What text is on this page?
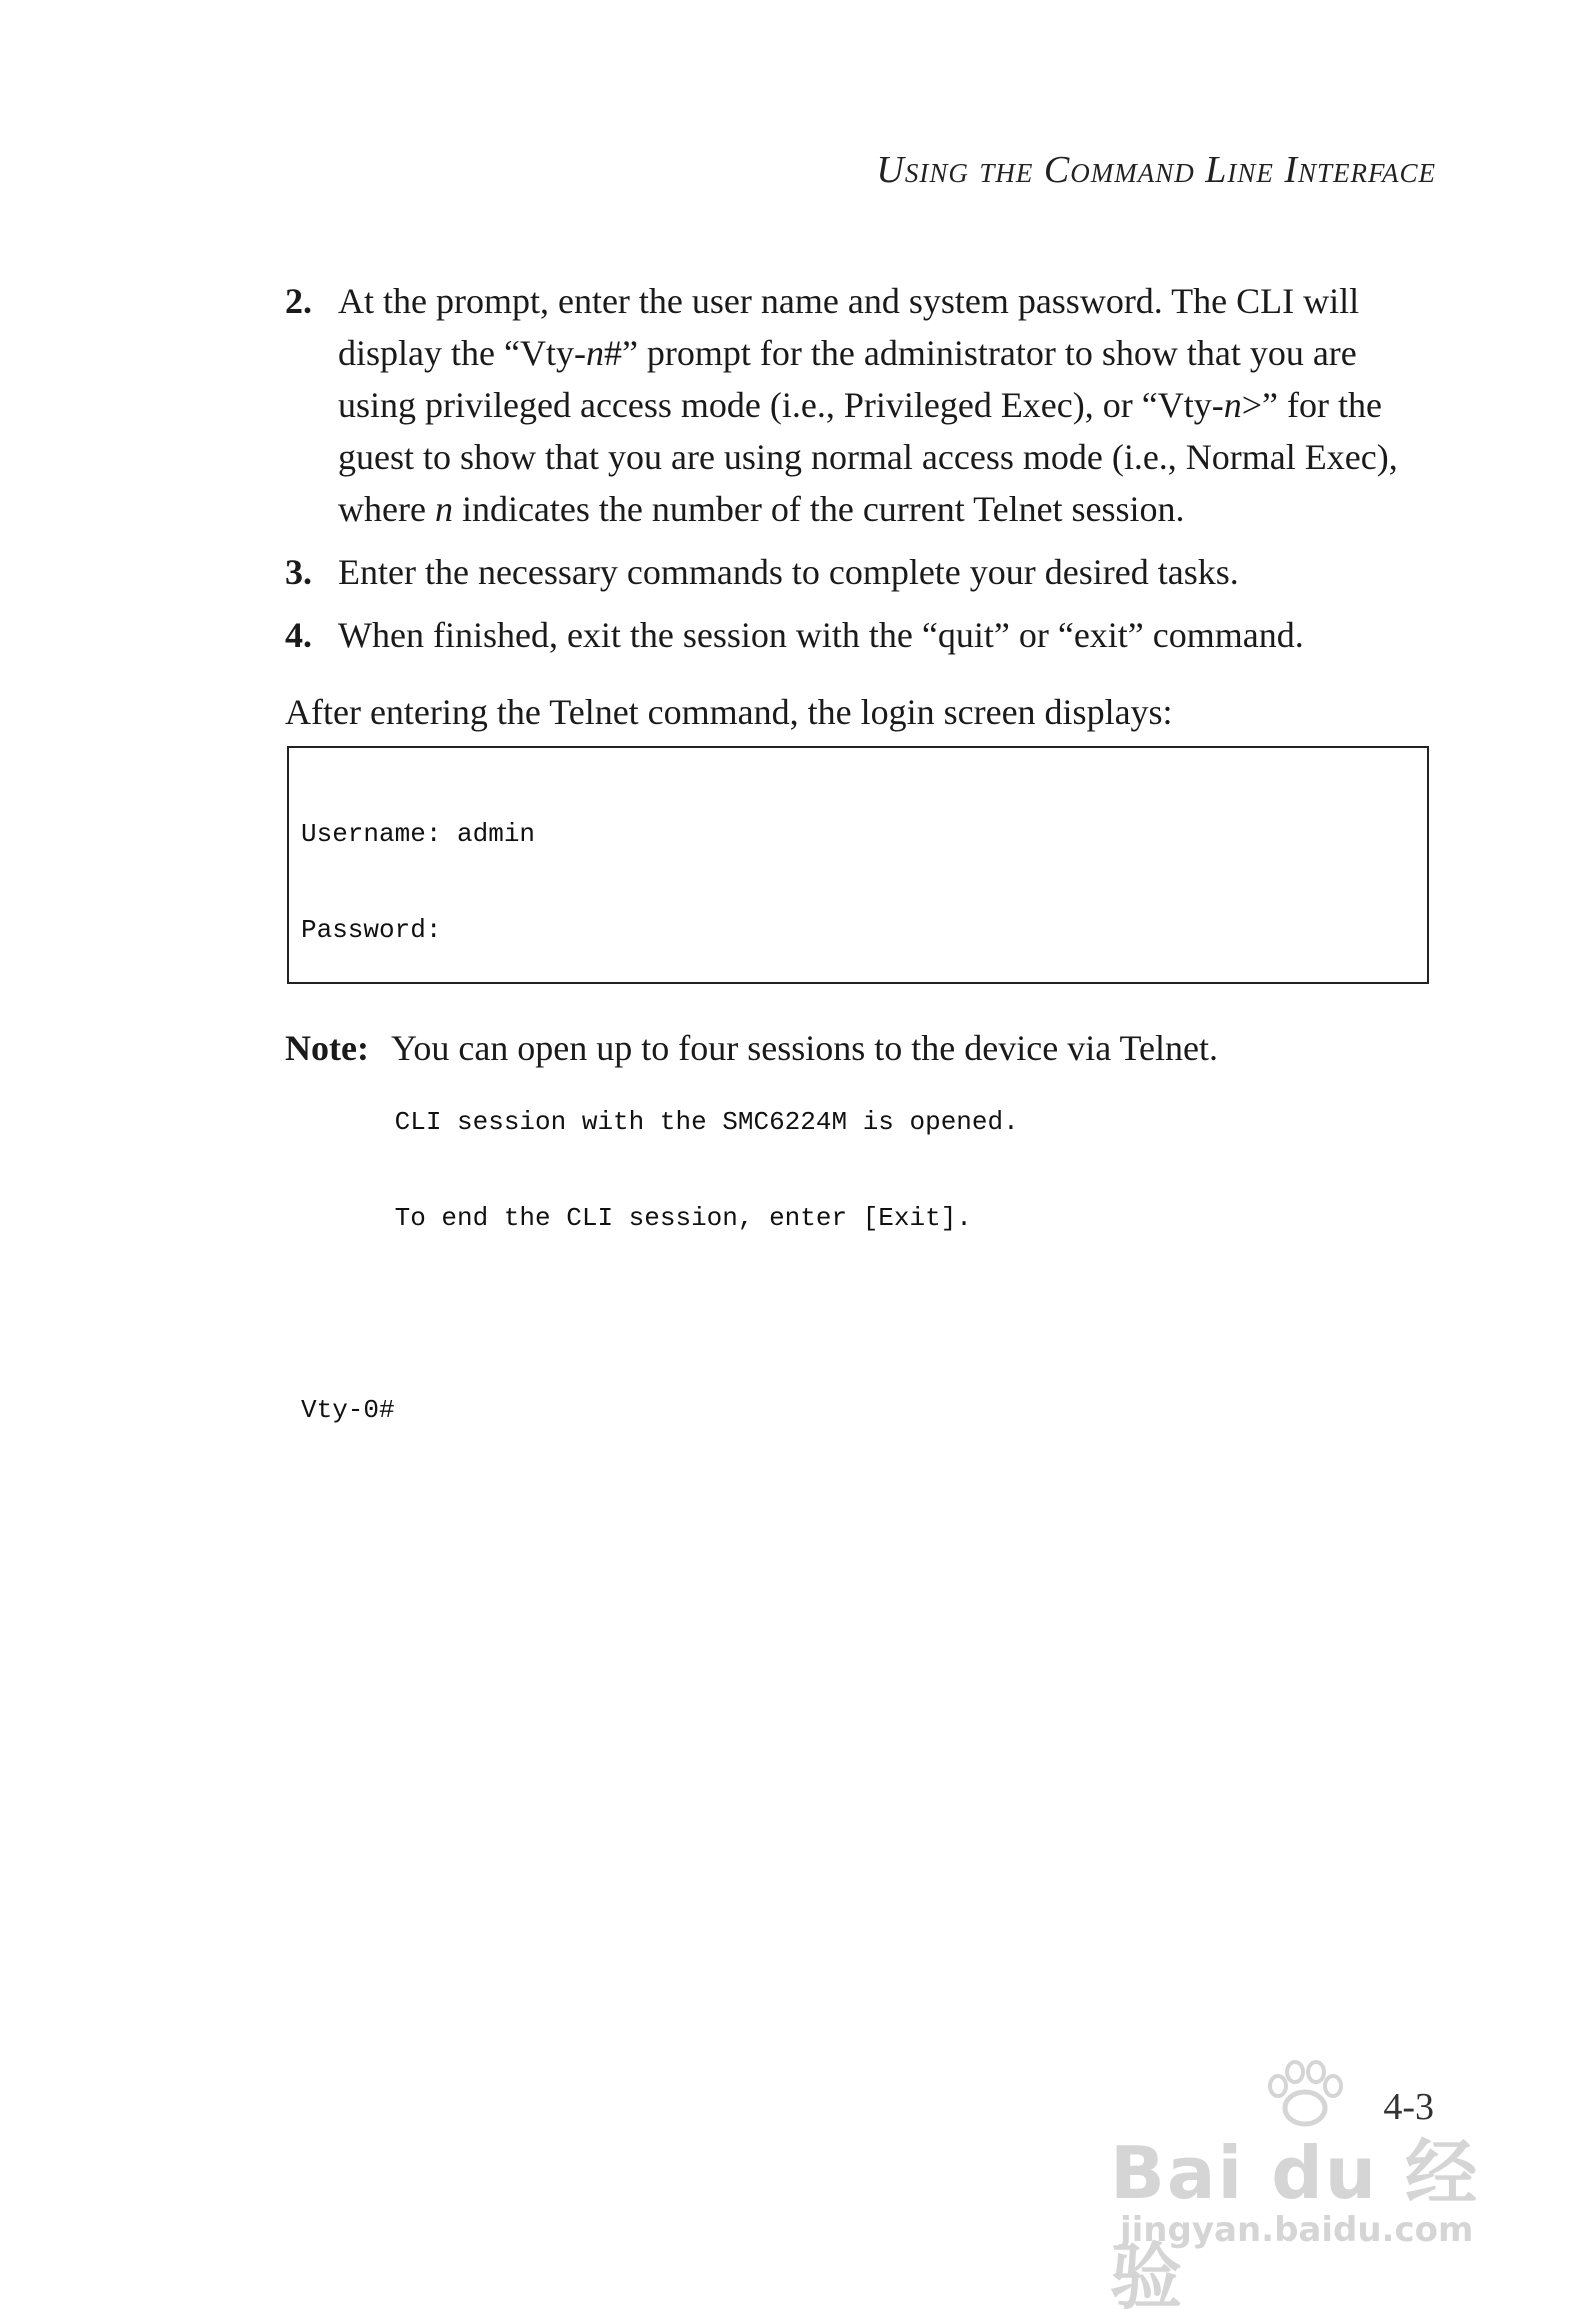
Using the Command Line Interface
2. At the prompt, enter the user name and system password. The CLI will display the “Vty-n#” prompt for the administrator to show that you are using privileged access mode (i.e., Privileged Exec), or “Vty-n>” for the guest to show that you are using normal access mode (i.e., Normal Exec), where n indicates the number of the current Telnet session.
3. Enter the necessary commands to complete your desired tasks.
4. When finished, exit the session with the “quit” or “exit” command.
After entering the Telnet command, the login screen displays:

Username: admin

Password:

CLI session with the SMC6224M is opened.

To end the CLI session, enter [Exit].

Vty-0#

Note: You can open up to four sessions to the device via Telnet.
4-3
Bai du 经验
jingyan.baidu.com
